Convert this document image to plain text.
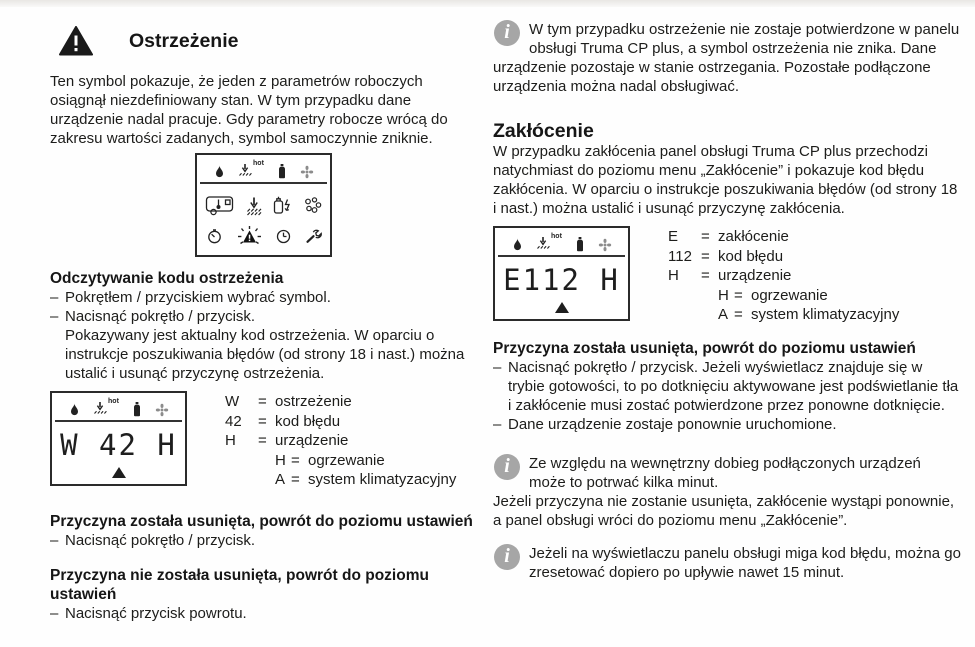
Ostrzeżenie

Ten symbol pokazuje, że jeden z parametrów roboczych osiągnął niezdefiniowany stan. W tym przypadku dane urządzenie nadal pracuje. Gdy parametry robocze wrócą do zakresu wartości zadanych, symbol samoczynnie zniknie.

hot
Odczytywanie kodu ostrzeżenia
– Pokrętłem / przyciskiem wybrać symbol.
– Nacisnąć pokrętło / przycisk.
Pokazywany jest aktualny kod ostrzeżenia. W oparciu o instrukcje poszukiwania błędów (od strony 18 i nast.) można ustalić i usunąć przyczynę ostrzeżenia.
hot
W 42 H
W	= ostrzeżenie
42	= kod błędu
H	= urządzenie
H = ogrzewanie
A = system klimatyzacyjny
Przyczyna została usunięta, powrót do poziomu ustawień
– Nacisnąć pokrętło / przycisk.
Przyczyna nie została usunięta, powrót do poziomu ustawień
– Nacisnąć przycisk powrotu.
i	W tym przypadku ostrzeżenie nie zostaje potwierdzone w panelu obsługi Truma CP plus, a symbol ostrzeżenia nie znika. Dane urządzenie pozostaje w stanie ostrzegania. Pozostałe podłączone urządzenia można nadal obsługiwać.
Zakłócenie

W przypadku zakłócenia panel obsługi Truma CP plus przechodzi natychmiast do poziomu menu „Zakłócenie” i pokazuje kod błędu zakłócenia. W oparciu o instrukcje poszukiwania błędów (od strony 18 i nast.) można ustalić i usunąć przyczynę zakłócenia.

hot
E112 H
E	= zakłócenie
112 = kod błędu
H	= urządzenie
H = ogrzewanie
A = system klimatyzacyjny
Przyczyna została usunięta, powrót do poziomu ustawień
– Nacisnąć pokrętło / przycisk. Jeżeli wyświetlacz znajduje się w trybie gotowości, to po dotknięciu aktywowane jest podświetlanie tła i zakłócenie musi zostać potwierdzone przez ponowne dotknięcie.
– Dane urządzenie zostaje ponownie uruchomione.
i	Ze względu na wewnętrzny dobieg podłączonych urządzeń może to potrwać kilka minut.

Jeżeli przyczyna nie zostanie usunięta, zakłócenie wystąpi ponownie, a panel obsługi wróci do poziomu menu „Zakłócenie”.

i	Jeżeli na wyświetlaczu panelu obsługi miga kod błędu, można go zresetować dopiero po upływie nawet 15 minut.
